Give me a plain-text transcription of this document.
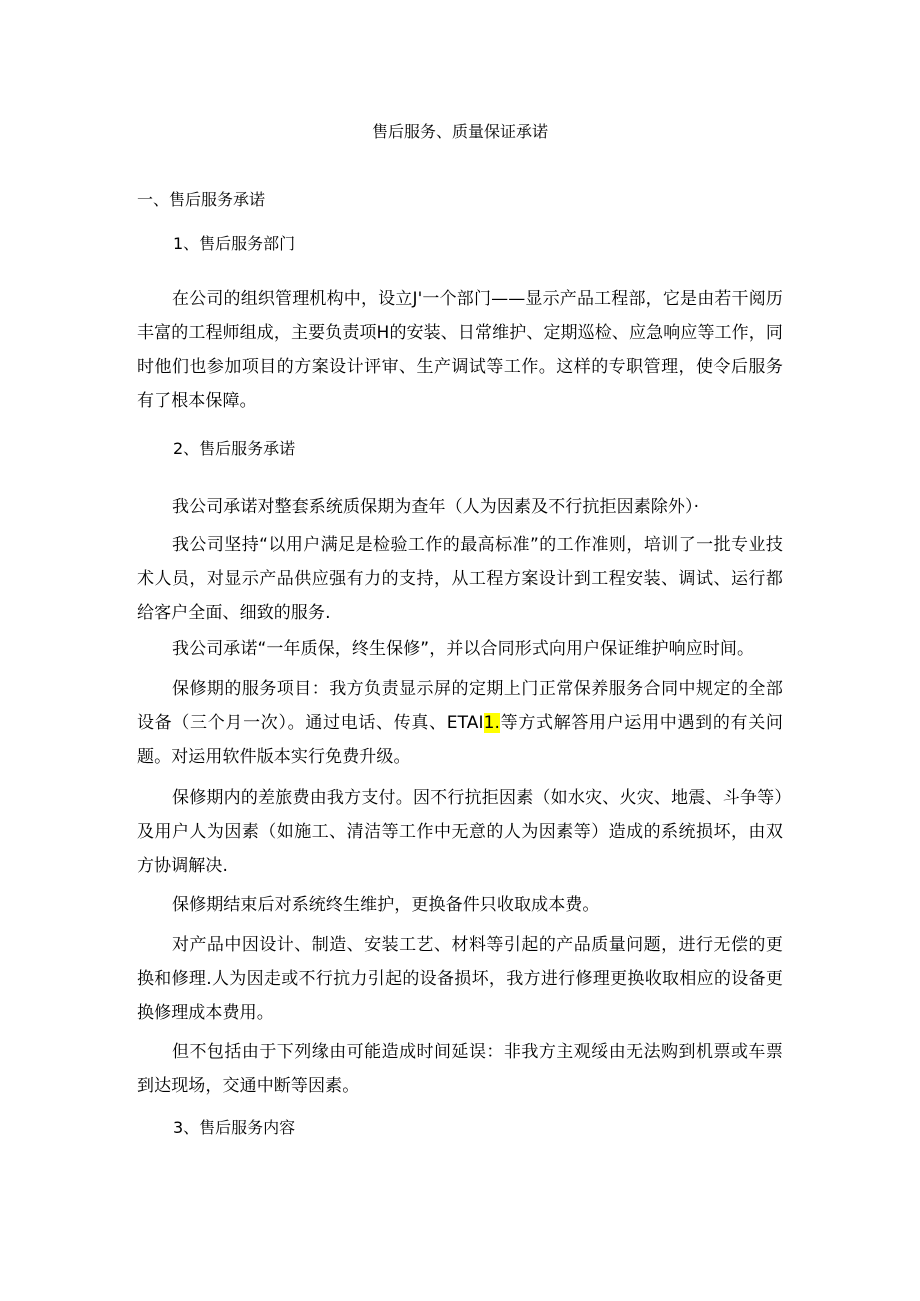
售后服务、质量保证承诺
一、售后服务承诺
1、售后服务部门

在公司的组织管理机构中，设立J'一个部门——显示产品工程部，它是由若干阅历丰富的工程师组成，主要负责项H的安装、日常维护、定期巡检、应急响应等工作，同时他们也参加项目的方案设计评审、生产调试等工作。这样的专职管理，使令后服务有了根本保障。

2、售后服务承诺

我公司承诺对整套系统质保期为查年（人为因素及不行抗拒因素除外）·

我公司坚持“以用户满足是检验工作的最高标准”的工作准则，培训了一批专业技术人员，对显示产品供应强有力的支持，从工程方案设计到工程安装、调试、运行都给客户全面、细致的服务.

我公司承诺“一年质保，终生保修”，并以合同形式向用户保证维护响应时间。

保修期的服务项目：我方负责显示屏的定期上门正常保养服务合同中规定的全部设备（三个月一次）。通过电话、传真、ETAI1.等方式解答用户运用中遇到的有关问题。对运用软件版本实行免费升级。

保修期内的差旅费由我方支付。因不行抗拒因素（如水灾、火灾、地震、斗争等）及用户人为因素（如施工、清洁等工作中无意的人为因素等）造成的系统损坏，由双方协调解决.

保修期结束后对系统终生维护，更换备件只收取成本费。

对产品中因设计、制造、安装工艺、材料等引起的产品质量问题，进行无偿的更换和修理.人为因走或不行抗力引起的设备损坏，我方进行修理更换收取相应的设备更换修理成本费用。

但不包括由于下列缘由可能造成时间延误：非我方主观绥由无法购到机票或车票到达现场，交通中断等因素。

3、售后服务内容
